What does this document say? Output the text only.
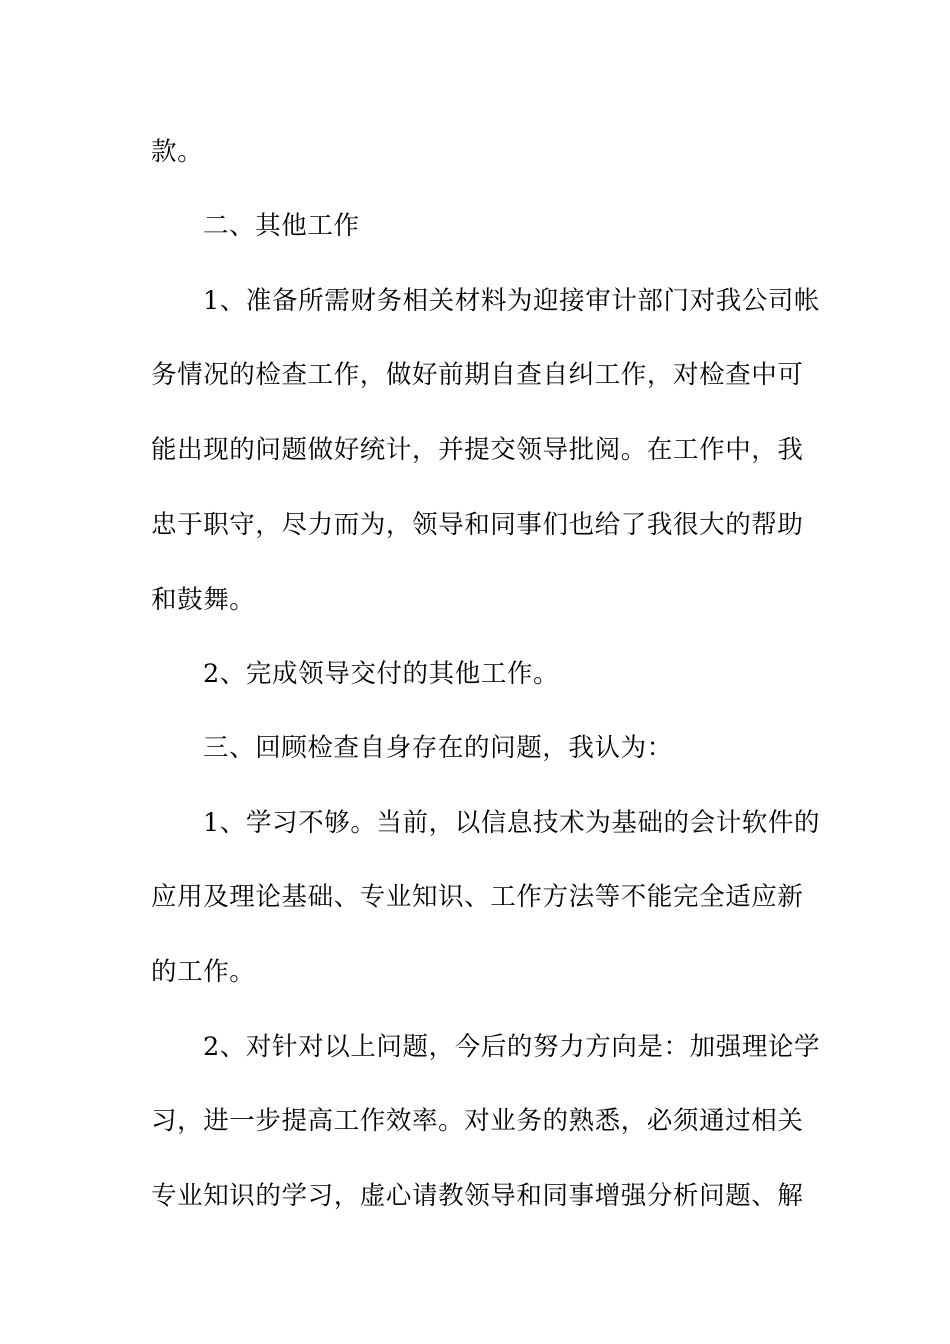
款。

二、其他工作

1、准备所需财务相关材料为迎接审计部门对我公司帐

务情况的检查工作，做好前期自查自纠工作，对检查中可

能出现的问题做好统计，并提交领导批阅。在工作中，我

忠于职守，尽力而为，领导和同事们也给了我很大的帮助

和鼓舞。

2、完成领导交付的其他工作。

三、回顾检查自身存在的问题，我认为：

1、学习不够。当前，以信息技术为基础的会计软件的

应用及理论基础、专业知识、工作方法等不能完全适应新

的工作。

2、对针对以上问题，今后的努力方向是：加强理论学

习，进一步提高工作效率。对业务的熟悉，必须通过相关

专业知识的学习，虚心请教领导和同事增强分析问题、解
